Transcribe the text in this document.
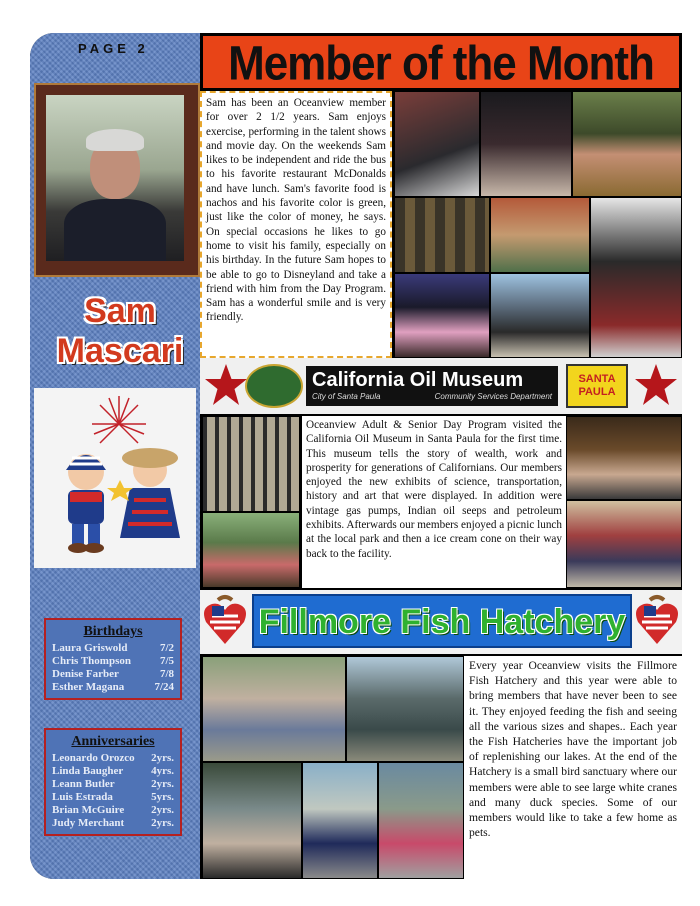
PAGE 2
Sam
Mascari
Birthdays
Laura Griswold	7/2
Chris Thompson	7/5
Denise Farber	7/8
Esther Magana	7/24
Anniversaries
Leonardo Orozco 2yrs.
Linda Baugher	4yrs.
Leann Butler	2yrs.
Luis Estrada	5yrs.
Brian McGuire 2yrs.
Judy Merchant 2yrs.
Member of the Month
Sam has been an Oceanview member for over 2 1/2 years. Sam enjoys exercise, performing in the talent shows and movie day. On the weekends Sam likes to be independent and ride the bus to his favorite restaurant McDonalds and have lunch. Sam's favorite food is nachos and his favorite color is green, just like the color of money, he says. On special occasions he likes to go home to visit his family, especially on his birthday. In the future Sam hopes to be able to go to Disneyland and take a friend with him from the Day Program. Sam has a wonderful smile and is very friendly.
California Oil Museum
City of Santa Paula	Community Services Department
SANTA
PAULA
Oceanview Adult & Senior Day Program visited the California Oil Museum in Santa Paula for the first time. This museum tells the story of wealth, work and prosperity for generations of Californians. Our members enjoyed the new exhibits of science, transportation, history and art that were displayed. In addition were vintage gas pumps, Indian oil seeps and petroleum exhibits. Afterwards our members enjoyed a picnic lunch at the local park and then a ice cream cone on their way back to the facility.
Fillmore Fish Hatchery
Every year Oceanview visits the Fillmore Fish Hatchery and this year were able to bring members that have never been to see it. They enjoyed feeding the fish and seeing all the various sizes and shapes.. Each year the Fish Hatcheries have the important job of replenishing our lakes. At the end of the Hatchery is a small bird sanctuary where our members were able to see large white cranes and many duck species. Some of our members would like to take a few home as pets.
